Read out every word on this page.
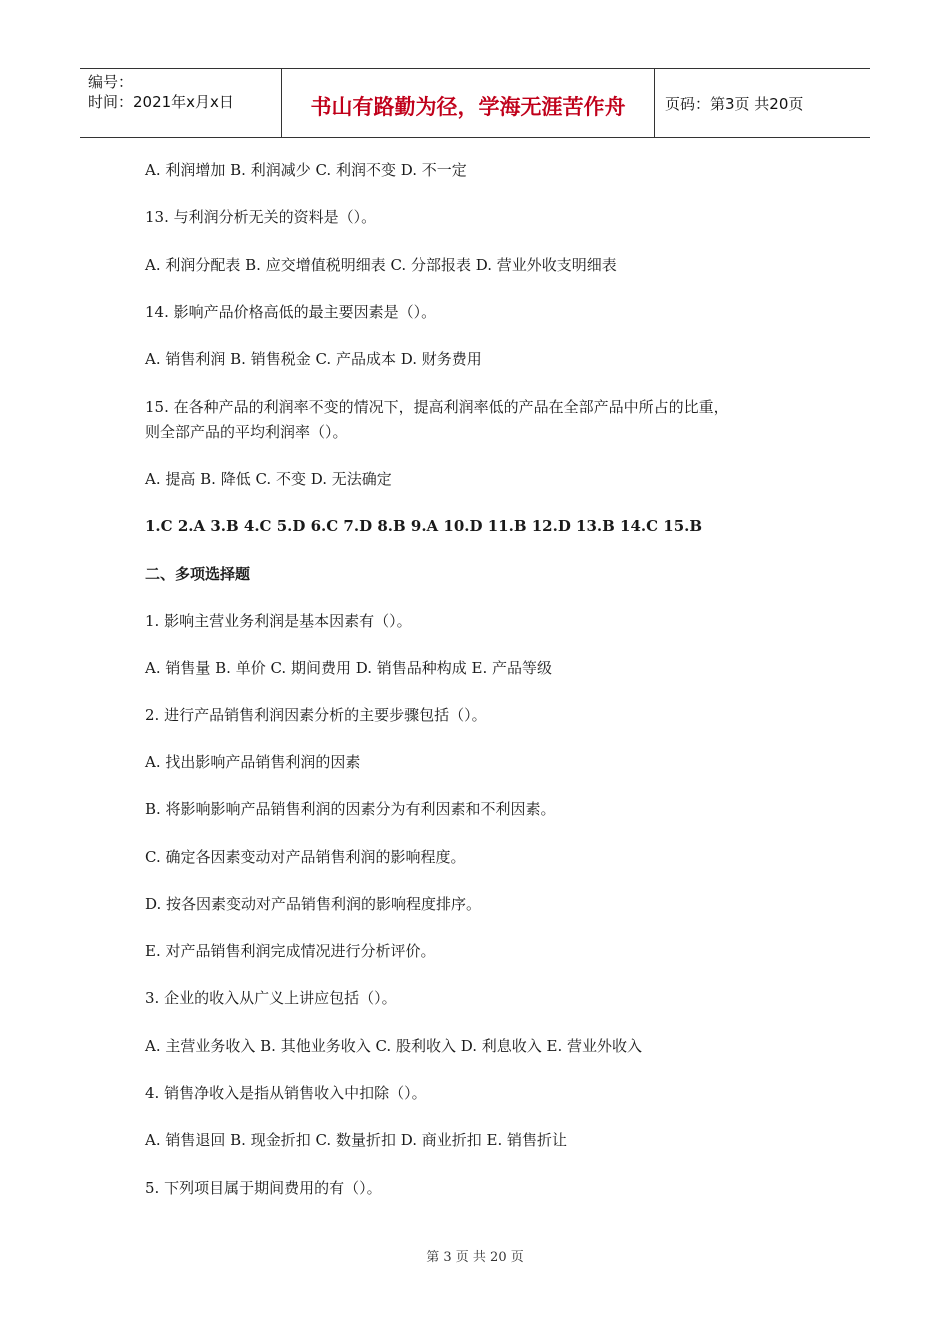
编号：
时间：2021年x月x日	书山有路勤为径，学海无涯苦作舟	页码：第3页 共20页
A. 利润增加 B. 利润减少 C. 利润不变 D. 不一定
13. 与利润分析无关的资料是（）。
A. 利润分配表 B. 应交增值税明细表 C. 分部报表 D. 营业外收支明细表
14. 影响产品价格高低的最主要因素是（）。
A. 销售利润 B. 销售税金 C. 产品成本 D. 财务费用
15. 在各种产品的利润率不变的情况下，提高利润率低的产品在全部产品中所占的比重，
则全部产品的平均利润率（）。
A. 提高 B. 降低 C. 不变 D. 无法确定
1.C 2.A 3.B 4.C 5.D 6.C 7.D 8.B 9.A 10.D 11.B 12.D 13.B 14.C 15.B
二、多项选择题
1. 影响主营业务利润是基本因素有（）。
A. 销售量 B. 单价 C. 期间费用 D. 销售品种构成 E. 产品等级
2. 进行产品销售利润因素分析的主要步骤包括（）。
A. 找出影响产品销售利润的因素
B. 将影响影响产品销售利润的因素分为有利因素和不利因素。
C. 确定各因素变动对产品销售利润的影响程度。
D. 按各因素变动对产品销售利润的影响程度排序。
E. 对产品销售利润完成情况进行分析评价。
3. 企业的收入从广义上讲应包括（）。
A. 主营业务收入 B. 其他业务收入 C. 股利收入 D. 利息收入 E. 营业外收入
4. 销售净收入是指从销售收入中扣除（）。
A. 销售退回 B. 现金折扣 C. 数量折扣 D. 商业折扣 E. 销售折让
5. 下列项目属于期间费用的有（）。
第 3 页 共 20 页
